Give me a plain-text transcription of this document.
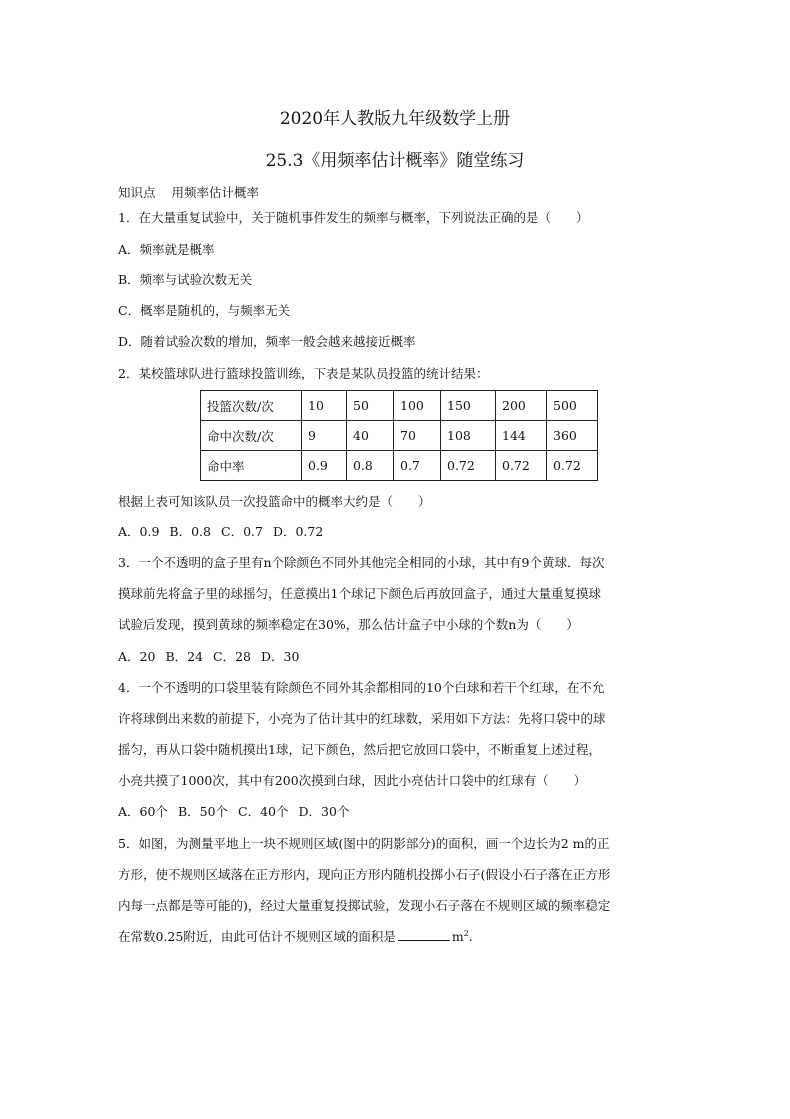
2020年人教版九年级数学上册
25.3《用频率估计概率》随堂练习
知识点 用频率估计概率
1．在大量重复试验中，关于随机事件发生的频率与概率，下列说法正确的是（　　）
A．频率就是概率
B．频率与试验次数无关
C．概率是随机的，与频率无关
D．随着试验次数的增加，频率一般会越来越接近概率
2．某校篮球队进行篮球投篮训练，下表是某队员投篮的统计结果：
投篮次数/次	10	50	100	150	200	500
命中次数/次	9	40	70	108	144	360
命中率	0.9	0.8	0.7	0.72	0.72	0.72
根据上表可知该队员一次投篮命中的概率大约是（　　）
A．0.9 B．0.8 C．0.7 D．0.72
3．一个不透明的盒子里有n个除颜色不同外其他完全相同的小球，其中有9个黄球．每次
摸球前先将盒子里的球摇匀，任意摸出1个球记下颜色后再放回盒子，通过大量重复摸球
试验后发现，摸到黄球的频率稳定在30%，那么估计盒子中小球的个数n为（　　）
A．20 B．24 C．28 D．30
4．一个不透明的口袋里装有除颜色不同外其余都相同的10个白球和若干个红球，在不允
许将球倒出来数的前提下，小亮为了估计其中的红球数，采用如下方法：先将口袋中的球
摇匀，再从口袋中随机摸出1球，记下颜色，然后把它放回口袋中，不断重复上述过程，
小亮共摸了1000次，其中有200次摸到白球，因此小亮估计口袋中的红球有（　　）
A．60个 B．50个 C．40个 D．30个
5．如图，为测量平地上一块不规则区域(图中的阴影部分)的面积，画一个边长为2 m的正
方形，使不规则区域落在正方形内，现向正方形内随机投掷小石子(假设小石子落在正方形
内每一点都是等可能的)，经过大量重复投掷试验，发现小石子落在不规则区域的频率稳定
在常数0.25附近，由此可估计不规则区域的面积是	$m^2$.
